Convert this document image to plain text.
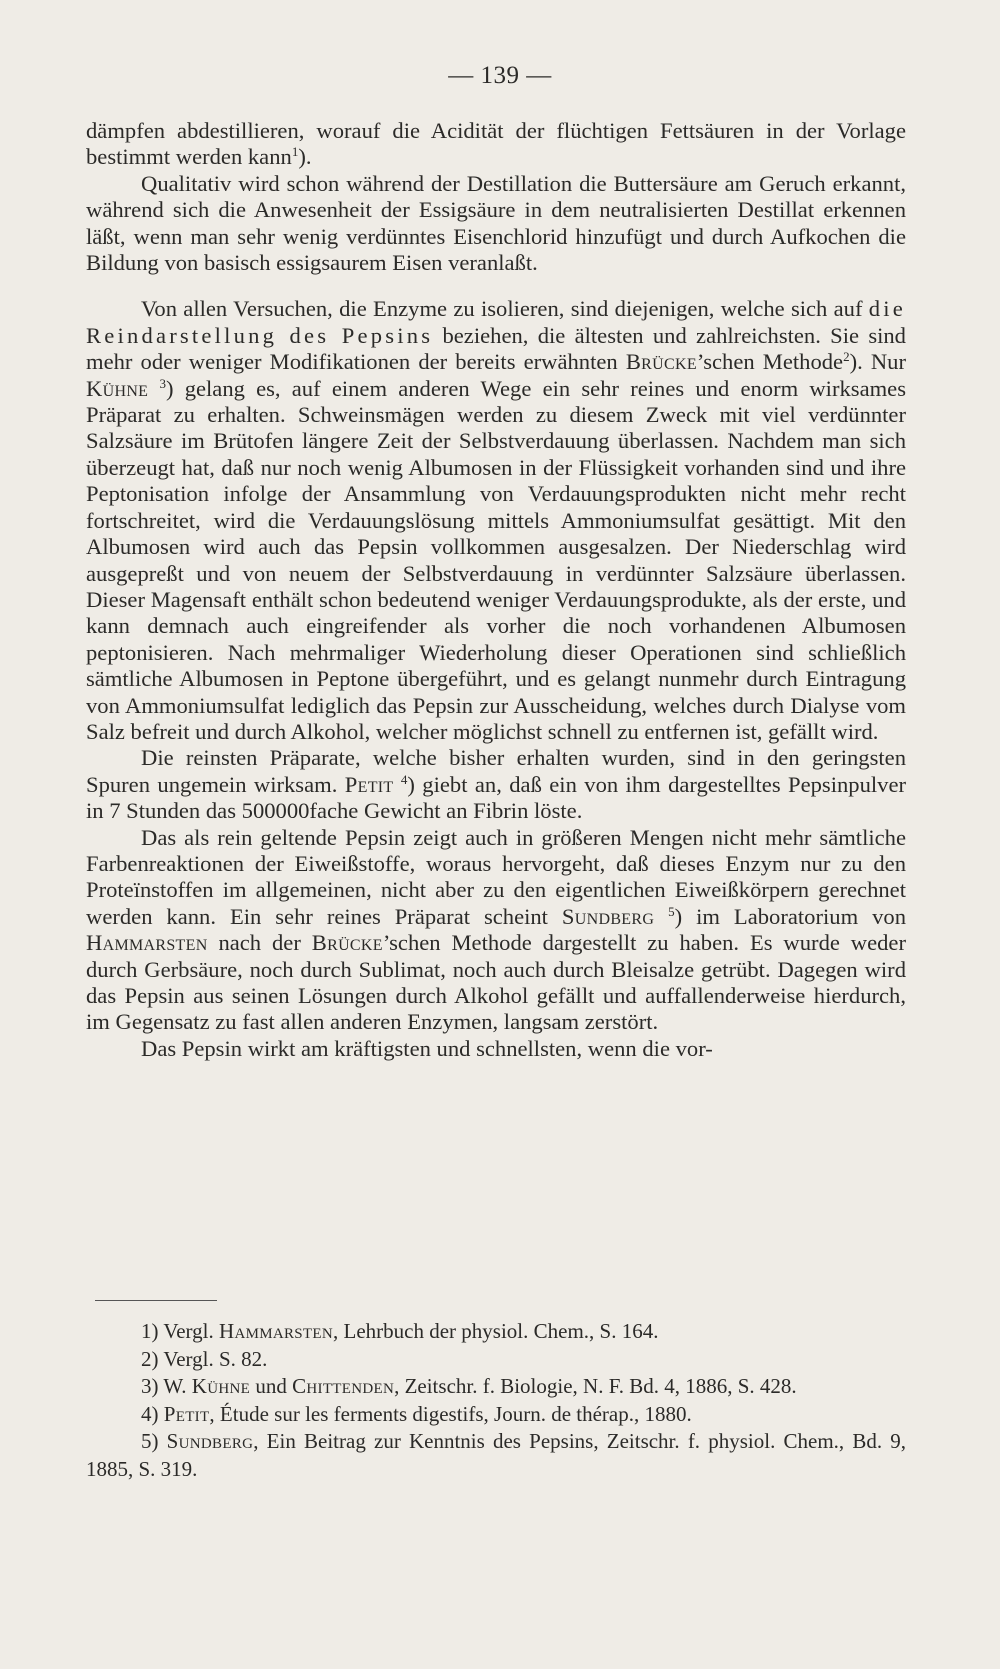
— 139 —

dämpfen abdestillieren, worauf die Acidität der flüchtigen Fettsäuren in der Vorlage bestimmt werden kann$^1$).

Qualitativ wird schon während der Destillation die Buttersäure am Geruch erkannt, während sich die Anwesenheit der Essigsäure in dem neutralisierten Destillat erkennen läßt, wenn man sehr wenig verdünntes Eisenchlorid hinzufügt und durch Aufkochen die Bildung von basisch essigsaurem Eisen veranlaßt.

Von allen Versuchen, die Enzyme zu isolieren, sind diejenigen, welche sich auf die Reindarstellung des Pepsins beziehen, die ältesten und zahlreichsten. Sie sind mehr oder weniger Modifikationen der bereits erwähnten Brücke’schen Methode$^2$). Nur Kühne $^3$) gelang es, auf einem anderen Wege ein sehr reines und enorm wirksames Präparat zu erhalten. Schweinsmägen werden zu diesem Zweck mit viel verdünnter Salzsäure im Brütofen längere Zeit der Selbstverdauung überlassen. Nachdem man sich überzeugt hat, daß nur noch wenig Albumosen in der Flüssigkeit vorhanden sind und ihre Peptonisation infolge der Ansammlung von Verdauungsprodukten nicht mehr recht fortschreitet, wird die Verdauungslösung mittels Ammoniumsulfat gesättigt. Mit den Albumosen wird auch das Pepsin vollkommen ausgesalzen. Der Niederschlag wird ausgepreßt und von neuem der Selbstverdauung in verdünnter Salzsäure überlassen. Dieser Magensaft enthält schon bedeutend weniger Verdauungsprodukte, als der erste, und kann demnach auch eingreifender als vorher die noch vorhandenen Albumosen peptonisieren. Nach mehrmaliger Wiederholung dieser Operationen sind schließlich sämtliche Albumosen in Peptone übergeführt, und es gelangt nunmehr durch Eintragung von Ammoniumsulfat lediglich das Pepsin zur Ausscheidung, welches durch Dialyse vom Salz befreit und durch Alkohol, welcher möglichst schnell zu entfernen ist, gefällt wird.

Die reinsten Präparate, welche bisher erhalten wurden, sind in den geringsten Spuren ungemein wirksam. Petit $^4$) giebt an, daß ein von ihm dargestelltes Pepsinpulver in 7 Stunden das 500000fache Gewicht an Fibrin löste.

Das als rein geltende Pepsin zeigt auch in größeren Mengen nicht mehr sämtliche Farbenreaktionen der Eiweißstoffe, woraus hervorgeht, daß dieses Enzym nur zu den Proteïnstoffen im allgemeinen, nicht aber zu den eigentlichen Eiweißkörpern gerechnet werden kann. Ein sehr reines Präparat scheint Sundberg $^5$) im Laboratorium von Hammarsten nach der Brücke’schen Methode dargestellt zu haben. Es wurde weder durch Gerbsäure, noch durch Sublimat, noch auch durch Bleisalze getrübt. Dagegen wird das Pepsin aus seinen Lösungen durch Alkohol gefällt und auffallenderweise hierdurch, im Gegensatz zu fast allen anderen Enzymen, langsam zerstört.

Das Pepsin wirkt am kräftigsten und schnellsten, wenn die vor-

1) Vergl. Hammarsten, Lehrbuch der physiol. Chem., S. 164.

2) Vergl. S. 82.

3) W. Kühne und Chittenden, Zeitschr. f. Biologie, N. F. Bd. 4, 1886, S. 428.

4) Petit, Étude sur les ferments digestifs, Journ. de thérap., 1880.

5) Sundberg, Ein Beitrag zur Kenntnis des Pepsins, Zeitschr. f. physiol. Chem., Bd. 9, 1885, S. 319.
